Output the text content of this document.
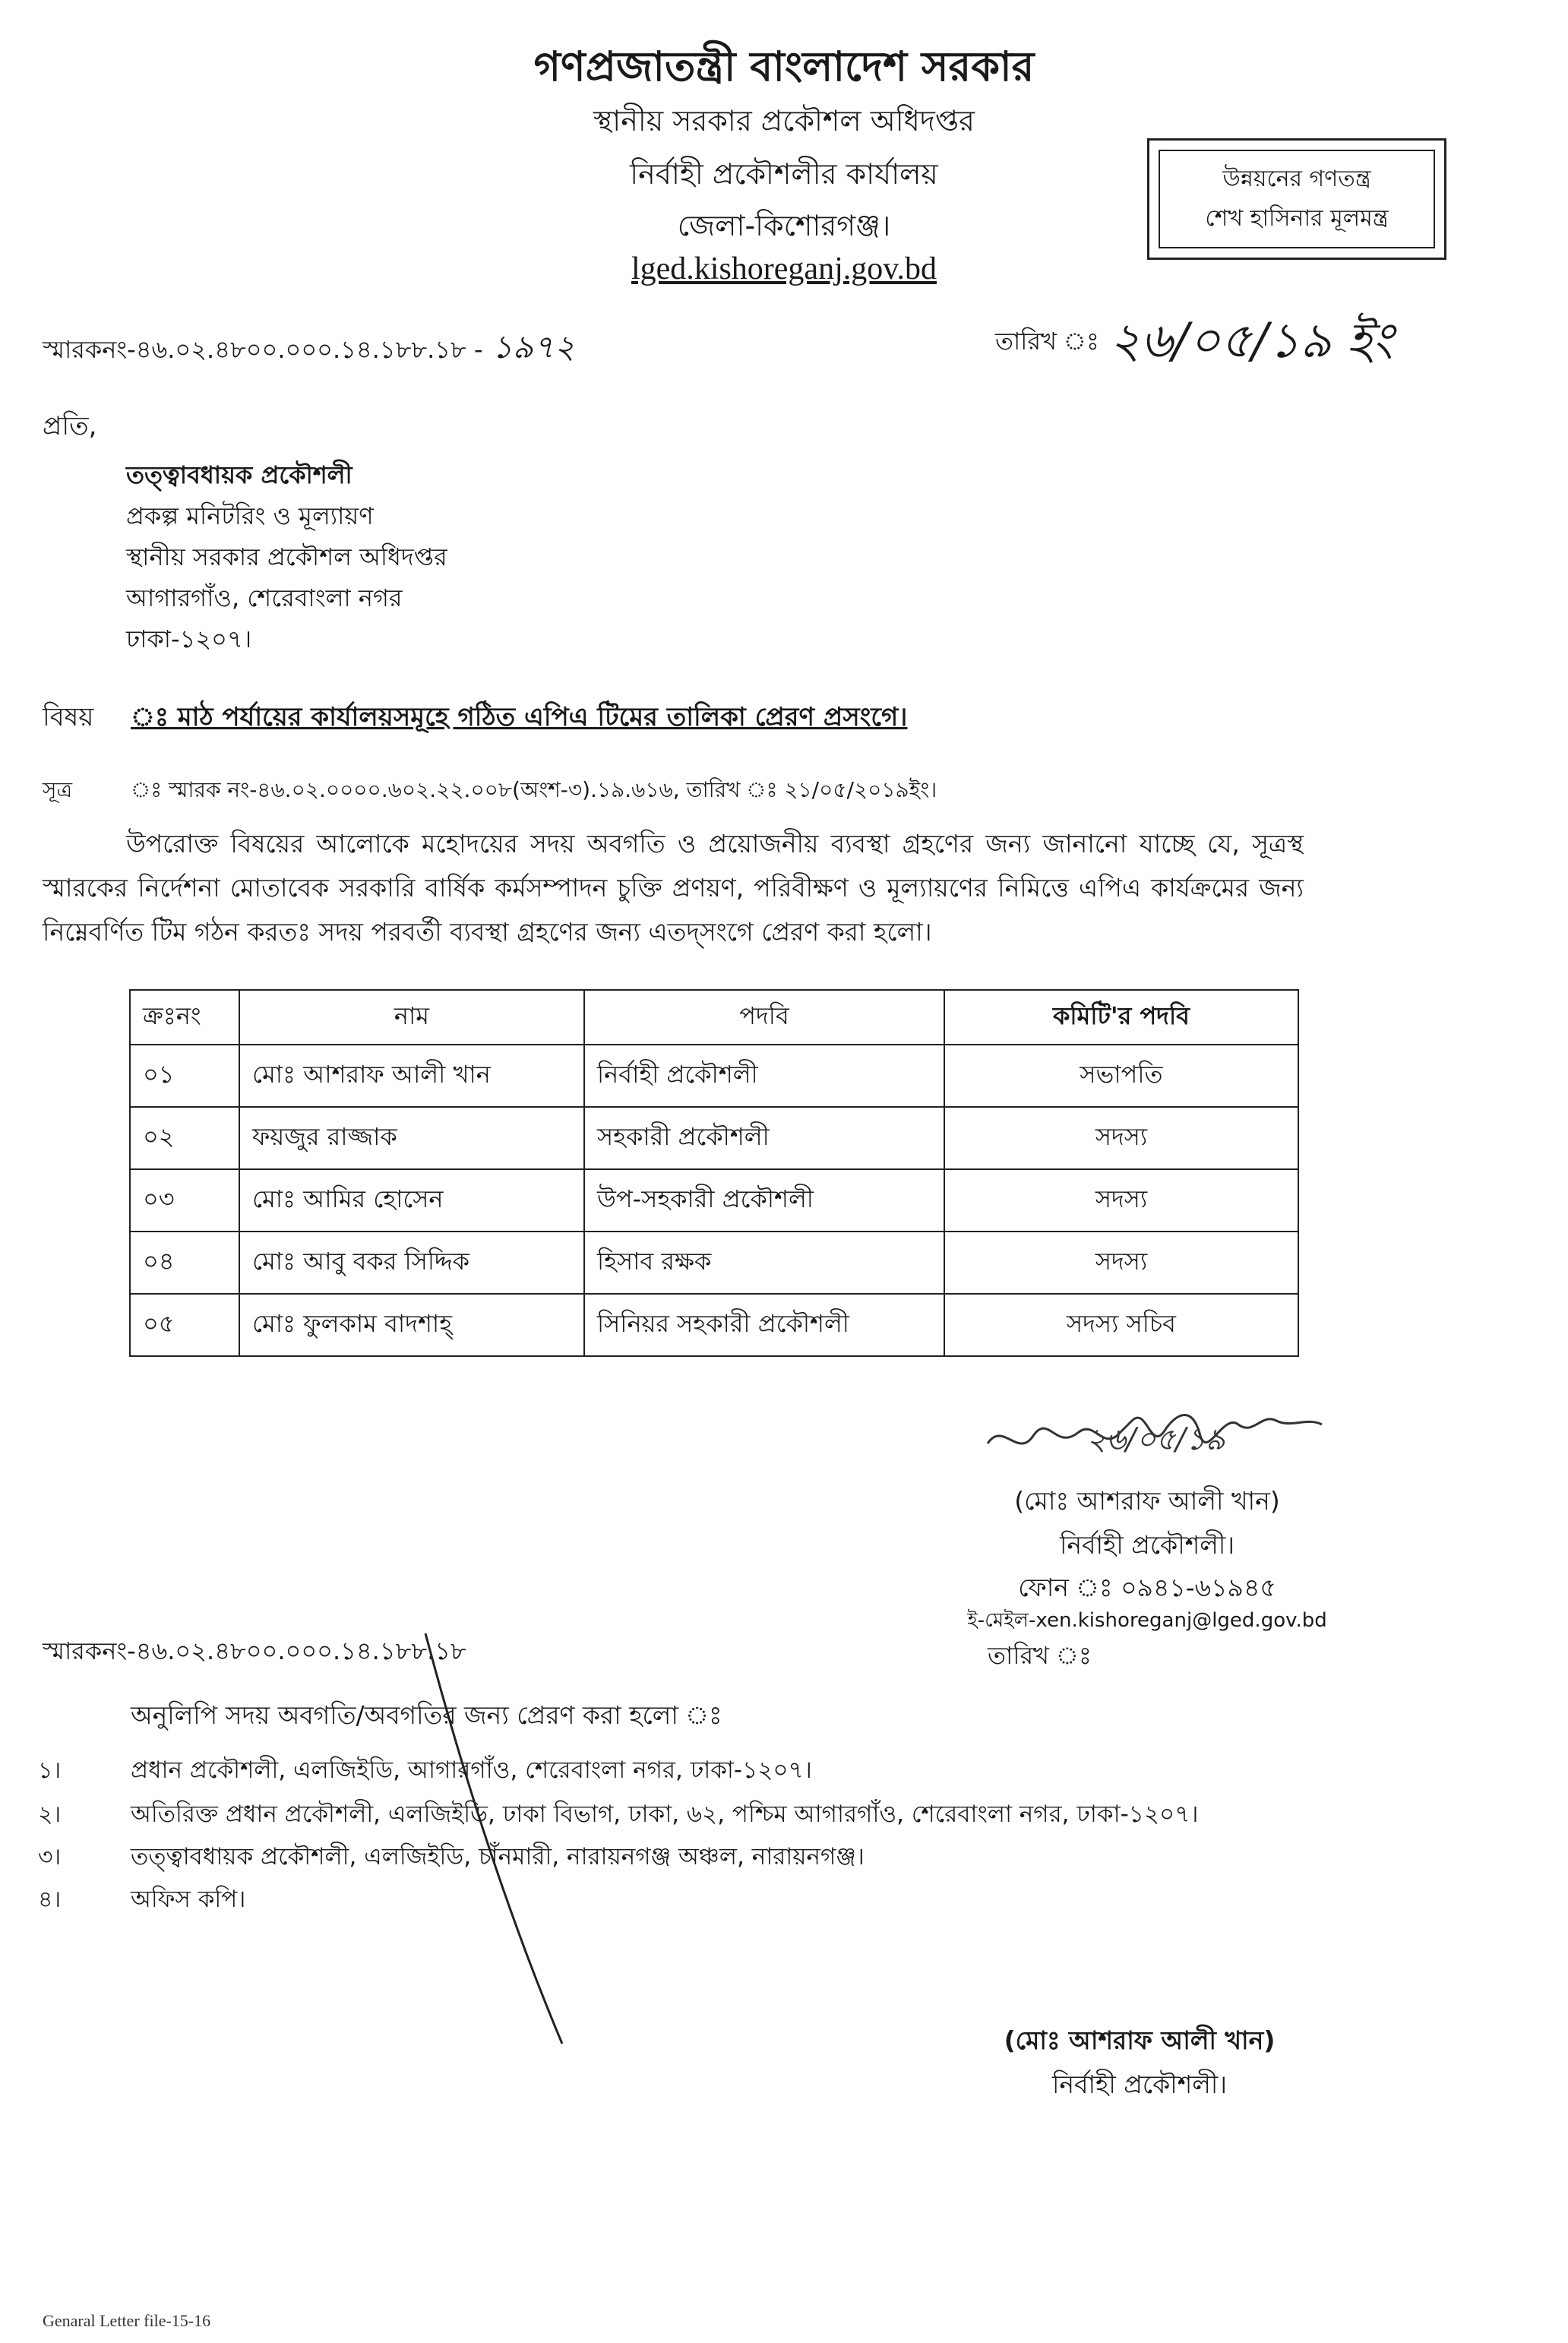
গণপ্রজাতন্ত্রী বাংলাদেশ সরকার
স্থানীয় সরকার প্রকৌশল অধিদপ্তর
নির্বাহী প্রকৌশলীর কার্যালয়
জেলা-কিশোরগঞ্জ।
lged.kishoreganj.gov.bd
উন্নয়নের গণতন্ত্র
শেখ হাসিনার মূলমন্ত্র
স্মারকনং-৪৬.০২.৪৮০০.০০০.১৪.১৮৮.১৮ - ১৯৭২	তারিখ ঃ ২৬/০৫/১৯ ইং
প্রতি,
তত্ত্বাবধায়ক প্রকৌশলী
প্রকল্প মনিটরিং ও মূল্যায়ণ
স্থানীয় সরকার প্রকৌশল অধিদপ্তর
আগারগাঁও, শেরেবাংলা নগর
ঢাকা-১২০৭।
বিষয় ঃ মাঠ পর্যায়ের কার্যালয়সমূহে গঠিত এপিএ টিমের তালিকা প্রেরণ প্রসংগে।
সূত্র	ঃ স্মারক নং-৪৬.০২.০০০০.৬০২.২২.০০৮(অংশ-৩).১৯.৬১৬, তারিখ ঃ ২১/০৫/২০১৯ইং।
উপরোক্ত বিষয়ের আলোকে মহোদয়ের সদয় অবগতি ও প্রয়োজনীয় ব্যবস্থা গ্রহণের জন্য জানানো যাচ্ছে যে, সূত্রস্থ স্মারকের নির্দেশনা মোতাবেক সরকারি বার্ষিক কর্মসম্পাদন চুক্তি প্রণয়ণ, পরিবীক্ষণ ও মূল্যায়ণের নিমিত্তে এপিএ কার্যক্রমের জন্য নিম্নেবর্ণিত টিম গঠন করতঃ সদয় পরবর্তী ব্যবস্থা গ্রহণের জন্য এতদ্‌সংগে প্রেরণ করা হলো।
ক্রঃনং	নাম	পদবি	কমিটি'র পদবি
০১	মোঃ আশরাফ আলী খান	নির্বাহী প্রকৌশলী	সভাপতি
০২	ফয়জুর রাজ্জাক	সহকারী প্রকৌশলী	সদস্য
০৩	মোঃ আমির হোসেন	উপ-সহকারী প্রকৌশলী	সদস্য
০৪	মোঃ আবু বকর সিদ্দিক	হিসাব রক্ষক	সদস্য
০৫	মোঃ ফুলকাম বাদশাহ্‌	সিনিয়র সহকারী প্রকৌশলী	সদস্য সচিব
২৬/০৫/১৯
(মোঃ আশরাফ আলী খান)
নির্বাহী প্রকৌশলী।
ফোন ঃ ০৯৪১-৬১৯৪৫
ই-মেইল-xen.kishoreganj@lged.gov.bd
স্মারকনং-৪৬.০২.৪৮০০.০০০.১৪.১৮৮.১৮	তারিখ ঃ
অনুলিপি সদয় অবগতি/অবগতির জন্য প্রেরণ করা হলো ঃ
১।	প্রধান প্রকৌশলী, এলজিইডি, আগারগাঁও, শেরেবাংলা নগর, ঢাকা-১২০৭।
২।	অতিরিক্ত প্রধান প্রকৌশলী, এলজিইডি, ঢাকা বিভাগ, ঢাকা, ৬২, পশ্চিম আগারগাঁও, শেরেবাংলা নগর, ঢাকা-১২০৭।
৩।	তত্ত্বাবধায়ক প্রকৌশলী, এলজিইডি, চাঁনমারী, নারায়নগঞ্জ অঞ্চল, নারায়নগঞ্জ।
৪।	অফিস কপি।
(মোঃ আশরাফ আলী খান)
নির্বাহী প্রকৌশলী।
Genaral Letter file-15-16
